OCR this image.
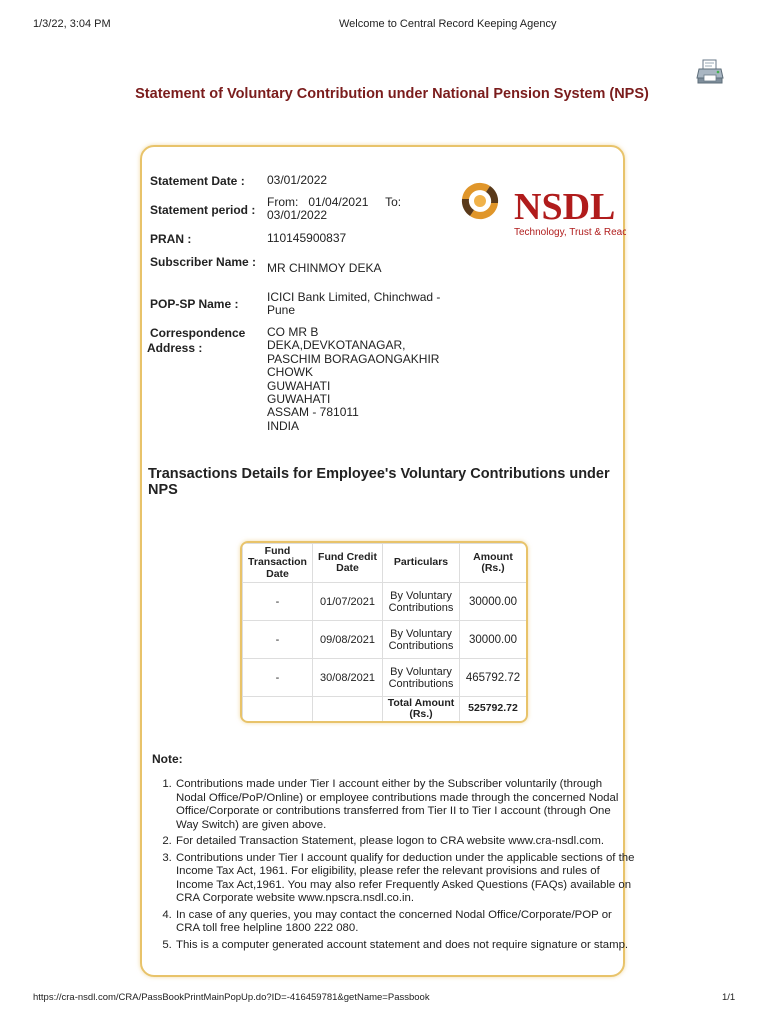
1/3/22, 3:04 PM	Welcome to Central Record Keeping Agency
Statement of Voluntary Contribution under National Pension System (NPS)
Statement Date : 03/01/2022
Statement period :
From: 01/04/2021 To:
03/01/2022
PRAN :	110145900837
Subscriber Name : MR CHINMOY DEKA
POP-SP Name : ICICI Bank Limited, Chinchwad -
Pune
Correspondence
Address :
CO MR B
DEKA,DEVKOTANAGAR,
PASCHIM BORAGAONGAKHIR
CHOWK
GUWAHATI
GUWAHATI
ASSAM - 781011
INDIA
NSDL
Technology, Trust & Reach
Transactions Details for Employee's Voluntary Contributions under NPS
Fund Transaction Date	Fund Credit Date	Particulars	Amount (Rs.)
-	01/07/2021	By Voluntary Contributions	30000.00
-	09/08/2021	By Voluntary Contributions	30000.00
-	30/08/2021	By Voluntary Contributions	465792.72
		Total Amount (Rs.)	525792.72
Note:
1. Contributions made under Tier I account either by the Subscriber voluntarily (through Nodal Office/PoP/Online) or employee contributions made through the concerned Nodal Office/Corporate or contributions transferred from Tier II to Tier I account (through One Way Switch) are given above.
2. For detailed Transaction Statement, please logon to CRA website www.cra-nsdl.com.
3. Contributions under Tier I account qualify for deduction under the applicable sections of the Income Tax Act, 1961. For eligibility, please refer the relevant provisions and rules of Income Tax Act,1961. You may also refer Frequently Asked Questions (FAQs) available on CRA Corporate website www.npscra.nsdl.co.in.
4. In case of any queries, you may contact the concerned Nodal Office/Corporate/POP or CRA toll free helpline 1800 222 080.
5. This is a computer generated account statement and does not require signature or stamp.
https://cra-nsdl.com/CRA/PassBookPrintMainPopUp.do?ID=-416459781&getName=Passbook	1/1
